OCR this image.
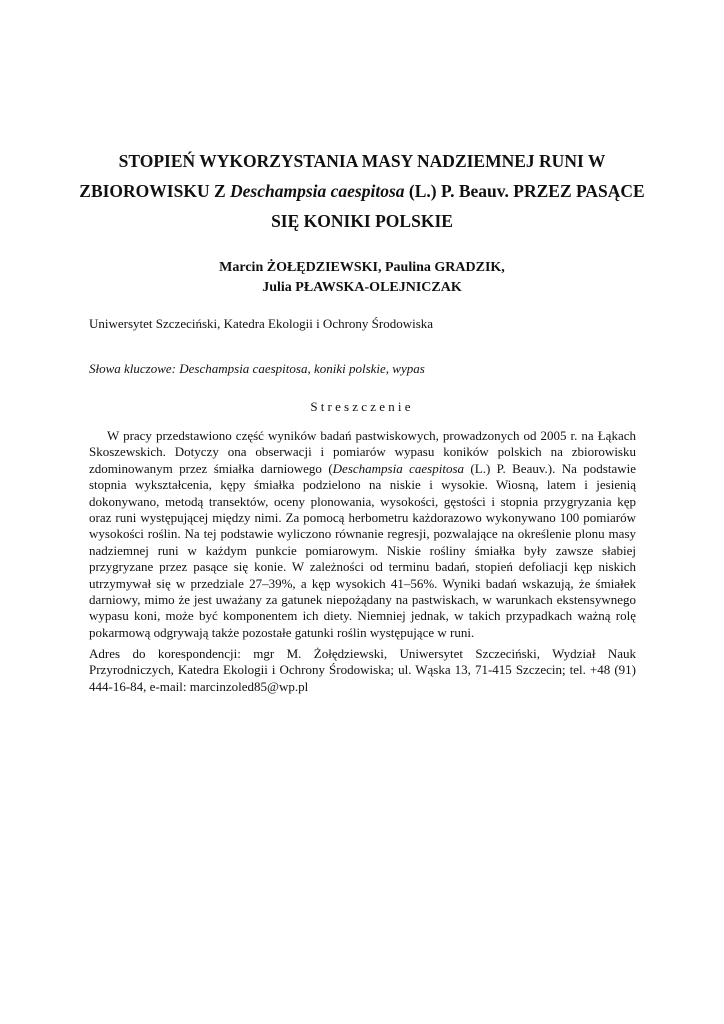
STOPIEŃ WYKORZYSTANIA MASY NADZIEMNEJ RUNI W
ZBIOROWISKU Z Deschampsia caespitosa (L.) P. Beauv. PRZEZ PASĄCE
SIĘ KONIKI POLSKIE
Marcin ŻOŁĘDZIEWSKI, Paulina GRADZIK,
Julia PŁAWSKA-OLEJNICZAK
Uniwersytet Szczeciński, Katedra Ekologii i Ochrony Środowiska
Słowa kluczowe: Deschampsia caespitosa, koniki polskie, wypas
Streszczenie

W pracy przedstawiono część wyników badań pastwiskowych, prowadzonych od 2005 r. na Łąkach Skoszewskich. Dotyczy ona obserwacji i pomiarów wypasu koników polskich na zbiorowisku zdominowanym przez śmiałka darniowego (Deschampsia caespitosa (L.) P. Beauv.). Na podstawie stopnia wykształcenia, kępy śmiałka podzielono na niskie i wysokie. Wiosną, latem i jesienią dokonywano, metodą transektów, oceny plonowania, wysokości, gęstości i stopnia przygryzania kęp oraz runi występującej między nimi. Za pomocą herbometru każdorazowo wykonywano 100 pomiarów wysokości roślin. Na tej podstawie wyliczono równanie regresji, pozwalające na określenie plonu masy nadziemnej runi w każdym punkcie pomiarowym. Niskie rośliny śmiałka były zawsze słabiej przygryzane przez pasące się konie. W zależności od terminu badań, stopień defoliacji kęp niskich utrzymywał się w przedziale 27–39%, a kęp wysokich 41–56%. Wyniki badań wskazują, że śmiałek darniowy, mimo że jest uważany za gatunek niepożądany na pastwiskach, w warunkach ekstensywnego wypasu koni, może być komponentem ich diety. Niemniej jednak, w takich przypadkach ważną rolę pokarmową odgrywają także pozostałe gatunki roślin występujące w runi.

Adres do korespondencji: mgr M. Żołędziewski, Uniwersytet Szczeciński, Wydział Nauk Przyrodniczych, Katedra Ekologii i Ochrony Środowiska; ul. Wąska 13, 71-415 Szczecin; tel. +48 (91) 444-16-84, e-mail: marcinzoled85@wp.pl
